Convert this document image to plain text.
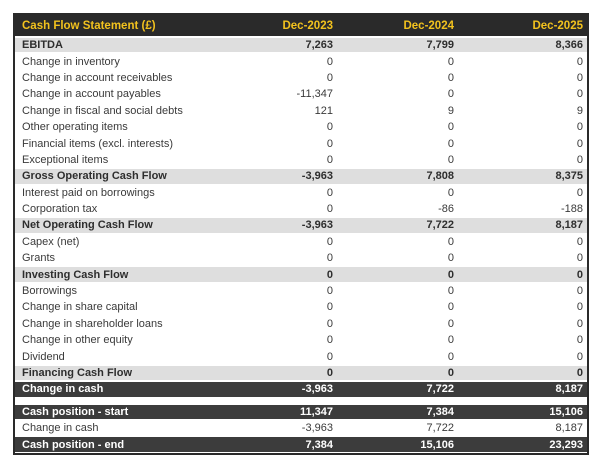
Cash Flow Statement (£)	Dec-2023	Dec-2024	Dec-2025
EBITDA	7,263	7,799	8,366
Change in inventory	0	0	0
Change in account receivables	0	0	0
Change in account payables	-11,347	0	0
Change in fiscal and social debts	121	9	9
Other operating items	0	0	0
Financial items (excl. interests)	0	0	0
Exceptional items	0	0	0
Gross Operating Cash Flow	-3,963	7,808	8,375
Interest paid on borrowings	0	0	0
Corporation tax	0	-86	-188
Net Operating Cash Flow	-3,963	7,722	8,187
Capex (net)	0	0	0
Grants	0	0	0
Investing Cash Flow	0	0	0
Borrowings	0	0	0
Change in share capital	0	0	0
Change in shareholder loans	0	0	0
Change in other equity	0	0	0
Dividend	0	0	0
Financing Cash Flow	0	0	0
Change in cash	-3,963	7,722	8,187
Cash position - start	11,347	7,384	15,106
Change in cash	-3,963	7,722	8,187
Cash position - end	7,384	15,106	23,293
